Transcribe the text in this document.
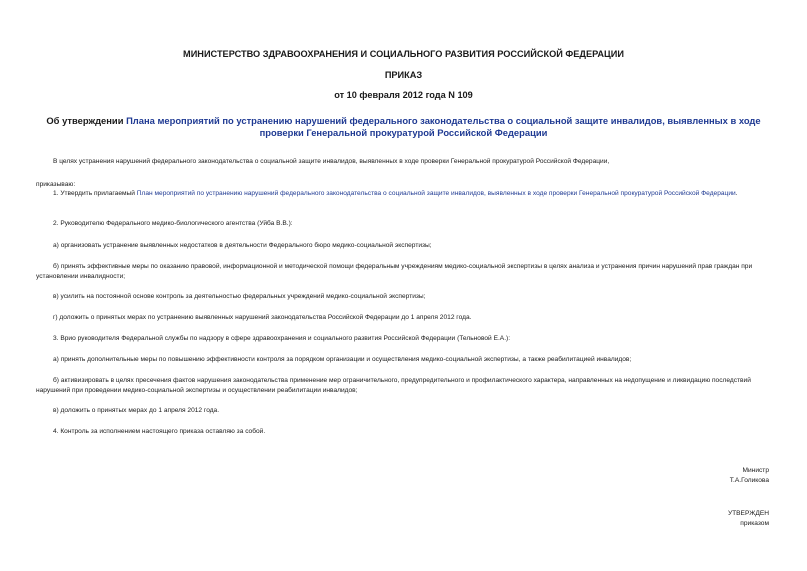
МИНИСТЕРСТВО ЗДРАВООХРАНЕНИЯ И СОЦИАЛЬНОГО РАЗВИТИЯ РОССИЙСКОЙ ФЕДЕРАЦИИ
ПРИКАЗ
от 10 февраля 2012 года N 109
Об утверждении Плана мероприятий по устранению нарушений федерального законодательства о социальной защите инвалидов, выявленных в ходе проверки Генеральной прокуратурой Российской Федерации
В целях устранения нарушений федерального законодательства о социальной защите инвалидов, выявленных в ходе проверки Генеральной прокуратурой Российской Федерации,
приказываю:
1. Утвердить прилагаемый План мероприятий по устранению нарушений федерального законодательства о социальной защите инвалидов, выявленных в ходе проверки Генеральной прокуратурой Российской Федерации.
2. Руководителю Федерального медико-биологического агентства (Уйба В.В.):
а) организовать устранение выявленных недостатков в деятельности Федерального бюро медико-социальной экспертизы;
б) принять эффективные меры по оказанию правовой, информационной и методической помощи федеральным учреждениям медико-социальной экспертизы в целях анализа и устранения причин нарушений прав граждан при установлении инвалидности;
в) усилить на постоянной основе контроль за деятельностью федеральных учреждений медико-социальной экспертизы;
г) доложить о принятых мерах по устранению выявленных нарушений законодательства Российской Федерации до 1 апреля 2012 года.
3. Врио руководителя Федеральной службы по надзору в сфере здравоохранения и социального развития Российской Федерации (Тельновой Е.А.):
а) принять дополнительные меры по повышению эффективности контроля за порядком организации и осуществления медико-социальной экспертизы, а также реабилитацией инвалидов;
б) активизировать в целях пресечения фактов нарушения законодательства применение мер ограничительного, предупредительного и профилактического характера, направленных на недопущение и ликвидацию последствий нарушений при проведении медико-социальной экспертизы и осуществлении реабилитации инвалидов;
в) доложить о принятых мерах до 1 апреля 2012 года.
4. Контроль за исполнением настоящего приказа оставляю за собой.
Министр
Т.А.Голикова
УТВЕРЖДЕН
приказом
